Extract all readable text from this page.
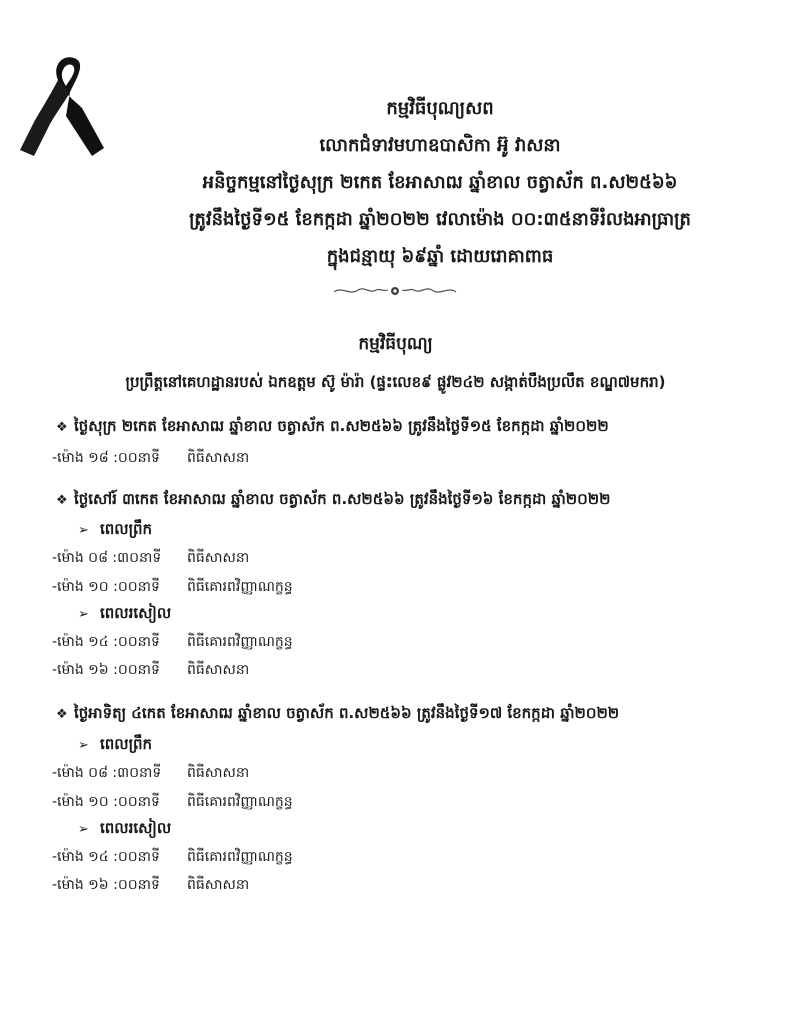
កម្មវិធីបុណ្យសព
លោកជំទាវមហាឧបាសិកា អ៊ូ វាសនា
អនិច្ចកម្មនៅថ្ងៃសុក្រ ២កេត ខែអាសាឍ ឆ្នាំខាល ចត្វាស័ក ព.ស២៥៦៦
ត្រូវនឹងថ្ងៃទី១៥ ខែកក្កដា ឆ្នាំ២០២២ វេលាម៉ោង ០០:៣៥នាទីរំលងអាធ្រាត្រ
ក្នុងជន្មាយុ ៦៩ឆ្នាំ ដោយរោគាពាធ
កម្មវិធីបុណ្យ
ប្រព្រឹត្តនៅគេហដ្ឋានរបស់ ឯកឧត្តម ស៊ូ ម៉ារ៉ា (ផ្ទះលេខ៩ ផ្លូវ២៤២ សង្កាត់បឹងប្រលឹត ខណ្ឌ៧មករា)
❖ ថ្ងៃសុក្រ ២កេត ខែអាសាឍ ឆ្នាំខាល ចត្វាស័ក ព.ស២៥៦៦ ត្រូវនឹងថ្ងៃទី១៥ ខែកក្កដា ឆ្នាំ២០២២
-ម៉ោង ១៨ :០០នាទី ពិធីសាសនា
❖ ថ្ងៃសៅរ៍ ៣កេត ខែអាសាឍ ឆ្នាំខាល ចត្វាស័ក ព.ស២៥៦៦ ត្រូវនឹងថ្ងៃទី១៦ ខែកក្កដា ឆ្នាំ២០២២
➢ ពេលព្រឹក
-ម៉ោង ០៨ :៣០នាទី ពិធីសាសនា
-ម៉ោង ១០ :០០នាទី ពិធីគោរពវិញ្ញាណក្ខន្ធ
➢ ពេលរសៀល
-ម៉ោង ១៤ :០០នាទី ពិធីគោរពវិញ្ញាណក្ខន្ធ
-ម៉ោង ១៦ :០០នាទី ពិធីសាសនា
❖ ថ្ងៃអាទិត្យ ៤កេត ខែអាសាឍ ឆ្នាំខាល ចត្វាស័ក ព.ស២៥៦៦ ត្រូវនឹងថ្ងៃទី១៧ ខែកក្កដា ឆ្នាំ២០២២
➢ ពេលព្រឹក
-ម៉ោង ០៨ :៣០នាទី ពិធីសាសនា
-ម៉ោង ១០ :០០នាទី ពិធីគោរពវិញ្ញាណក្ខន្ធ
➢ ពេលរសៀល
-ម៉ោង ១៤ :០០នាទី ពិធីគោរពវិញ្ញាណក្ខន្ធ
-ម៉ោង ១៦ :០០នាទី ពិធីសាសនា
